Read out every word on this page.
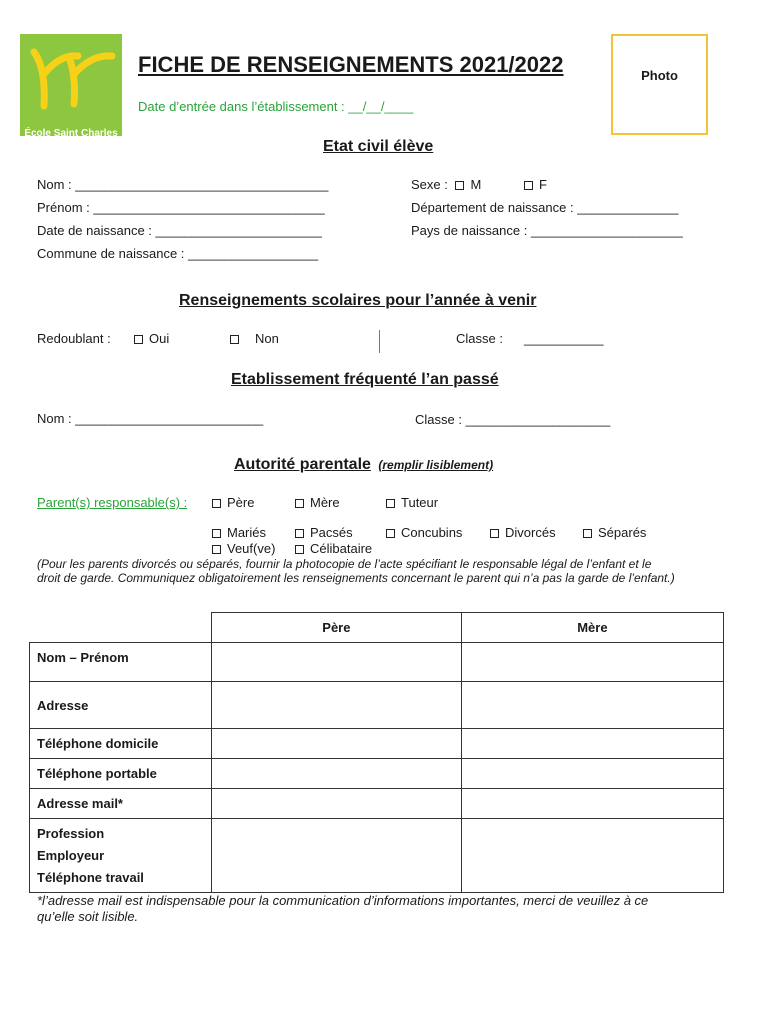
École Saint Charles
FICHE DE RENSEIGNEMENTS 2021/2022
Date d’entrée dans l’établissement : __/__/____
Photo
Etat civil élève
Nom : ___________________________________
Prénom : ________________________________
Date de naissance : _______________________
Commune de naissance : __________________
Sexe : M	F
Département de naissance : ______________
Pays de naissance : _____________________
Renseignements scolaires pour l’année à venir
Redoublant :	Oui	Non	Classe : ___________
Etablissement fréquenté l’an passé
Nom : __________________________	Classe : ____________________
Autorité parentale (remplir lisiblement)
Parent(s) responsable(s) :	Père	Mère	Tuteur
Mariés	Pacsés	Concubins	Divorcés	Séparés
Veuf(ve)	Célibataire
(Pour les parents divorcés ou séparés, fournir la photocopie de l’acte spécifiant le responsable légal de l’enfant et le
droit de garde. Communiquez obligatoirement les renseignements concernant le parent qui n’a pas la garde de l’enfant.)
	Père	Mère
Nom – Prénom		
Adresse		
Téléphone domicile		
Téléphone portable		
Adresse mail*		

Profession
Employeur
Téléphone travail		

*l’adresse mail est indispensable pour la communication d’informations importantes, merci de veuillez à ce
qu’elle soit lisible.
